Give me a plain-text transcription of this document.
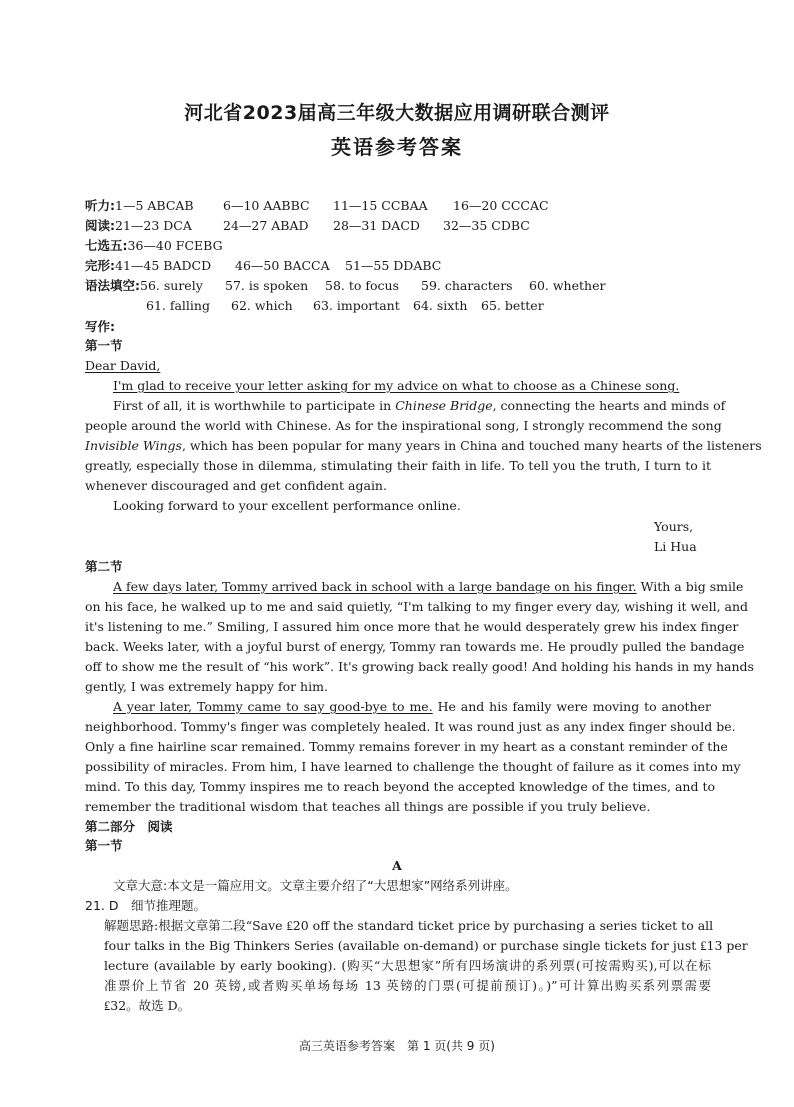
河北省2023届高三年级大数据应用调研联合测评
英语参考答案
听力:1—5 ABCAB 6—10 AABBC 11—15 CCBAA 16—20 CCCAC
阅读:21—23 DCA 24—27 ABAD 28—31 DACD 32—35 CDBC
七选五:36—40 FCEBG
完形:41—45 BADCD 46—50 BACCA 51—55 DDABC
语法填空:56. surely 57. is spoken 58. to focus 59. characters 60. whether
61. falling 62. which 63. important 64. sixth 65. better
写作:
第一节
Dear David,
I'm glad to receive your letter asking for my advice on what to choose as a Chinese song.
First of all, it is worthwhile to participate in Chinese Bridge, connecting the hearts and minds of
people around the world with Chinese. As for the inspirational song, I strongly recommend the song
Invisible Wings, which has been popular for many years in China and touched many hearts of the listeners
greatly, especially those in dilemma, stimulating their faith in life. To tell you the truth, I turn to it
whenever discouraged and get confident again.
Looking forward to your excellent performance online.
Yours,
Li Hua
第二节
A few days later, Tommy arrived back in school with a large bandage on his finger. With a big smile
on his face, he walked up to me and said quietly, “I'm talking to my finger every day, wishing it well, and
it's listening to me.” Smiling, I assured him once more that he would desperately grew his index finger
back. Weeks later, with a joyful burst of energy, Tommy ran towards me. He proudly pulled the bandage
off to show me the result of “his work”. It's growing back really good! And holding his hands in my hands
gently, I was extremely happy for him.
A year later, Tommy came to say good-bye to me. He and his family were moving to another
neighborhood. Tommy's finger was completely healed. It was round just as any index finger should be.
Only a fine hairline scar remained. Tommy remains forever in my heart as a constant reminder of the
possibility of miracles. From him, I have learned to challenge the thought of failure as it comes into my
mind. To this day, Tommy inspires me to reach beyond the accepted knowledge of the times, and to
remember the traditional wisdom that teaches all things are possible if you truly believe.
第二部分　阅读
第一节
A
文章大意:本文是一篇应用文。文章主要介绍了“大思想家”网络系列讲座。
21. D　细节推理题。
解题思路:根据文章第二段“Save ₤20 off the standard ticket price by purchasing a series ticket to all
four talks in the Big Thinkers Series (available on-demand) or purchase single tickets for just ₤13 per
lecture (available by early booking). (购买“大思想家”所有四场演讲的系列票(可按需购买),可以在标
准票价上节省 20 英镑,或者购买单场每场 13 英镑的门票(可提前预订)。)”可计算出购买系列票需要
₤32。故选 D。
高三英语参考答案　第 1 页(共 9 页)
